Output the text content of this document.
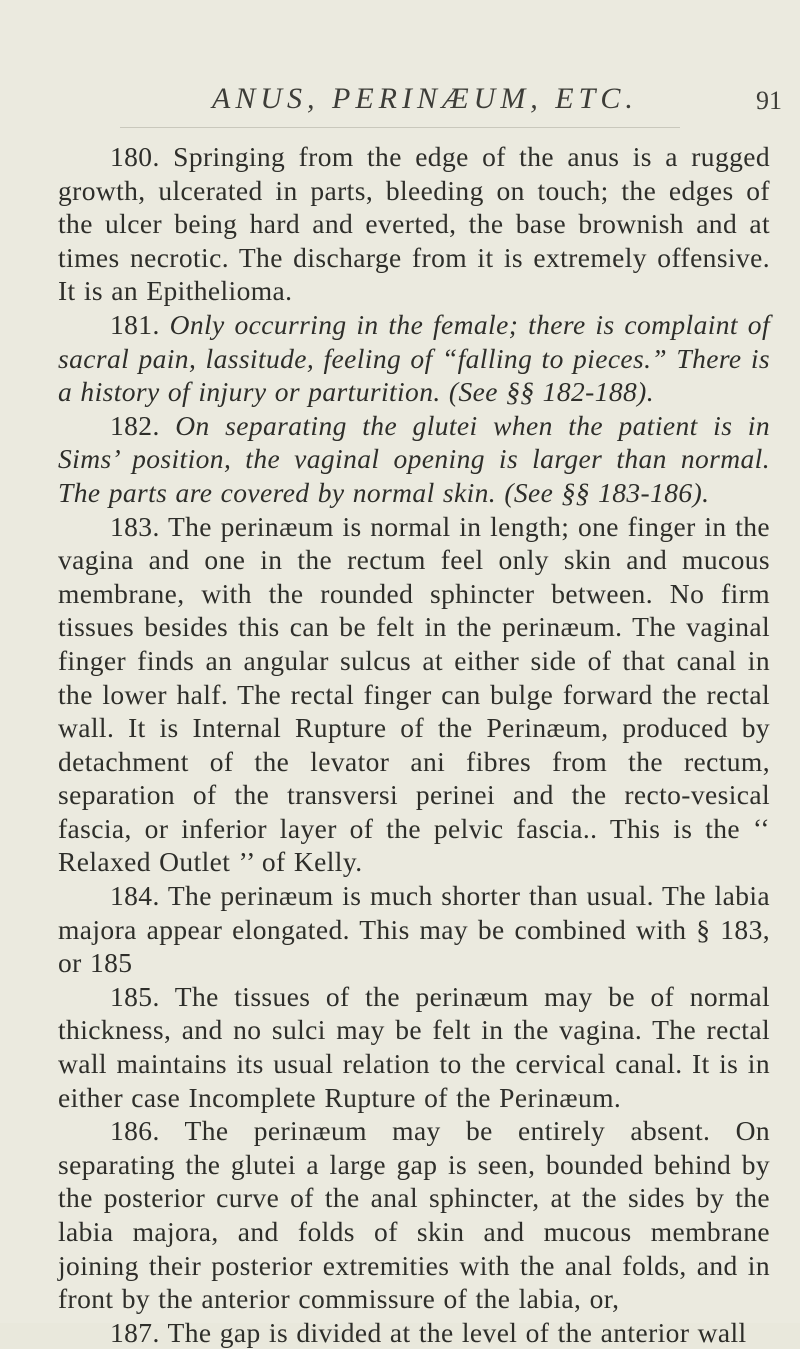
ANUS, PERINÆUM, ETC.	91

180. Springing from the edge of the anus is a rugged growth, ulcerated in parts, bleeding on touch; the edges of the ulcer being hard and everted, the base brownish and at times necrotic. The discharge from it is extremely offensive. It is an Epithelioma.

181. Only occurring in the female; there is complaint of sacral pain, lassitude, feeling of “falling to pieces.” There is a history of injury or parturition. (See §§ 182-188).

182. On separating the glutei when the patient is in Sims’ position, the vaginal opening is larger than normal. The parts are covered by normal skin. (See §§ 183-186).

183. The perinæum is normal in length; one finger in the vagina and one in the rectum feel only skin and mucous membrane, with the rounded sphincter between. No firm tissues besides this can be felt in the perinæum. The vaginal finger finds an angular sulcus at either side of that canal in the lower half. The rectal finger can bulge forward the rectal wall. It is Internal Rupture of the Perinæum, produced by detachment of the levator ani fibres from the rectum, separation of the transversi perinei and the recto-vesical fascia, or inferior layer of the pelvic fascia.. This is the ‘‘ Relaxed Outlet ’’ of Kelly.

184. The perinæum is much shorter than usual. The labia majora appear elongated. This may be combined with § 183, or 185

185. The tissues of the perinæum may be of normal thickness, and no sulci may be felt in the vagina. The rectal wall maintains its usual relation to the cervical canal. It is in either case Incomplete Rupture of the Perinæum.

186. The perinæum may be entirely absent. On separating the glutei a large gap is seen, bounded behind by the posterior curve of the anal sphincter, at the sides by the labia majora, and folds of skin and mucous membrane joining their posterior extremities with the anal folds, and in front by the anterior commissure of the labia, or,

187. The gap is divided at the level of the anterior wall
